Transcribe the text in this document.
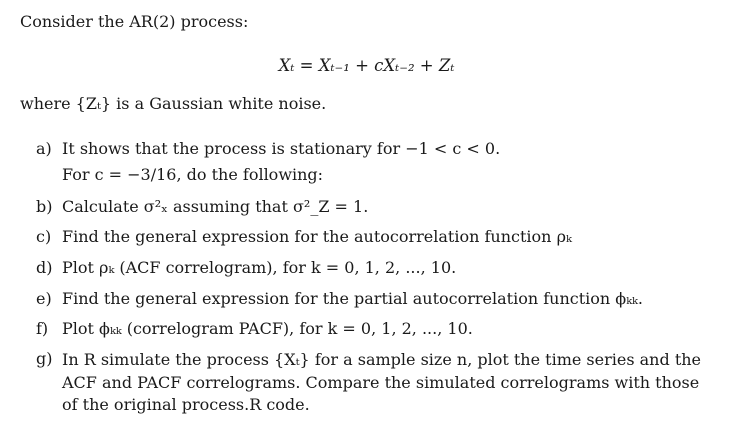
Consider the AR(2) process:
Xₜ = Xₜ₋₁ + cXₜ₋₂ + Zₜ
where {Zₜ} is a Gaussian white noise.
a) It shows that the process is stationary for −1 < c < 0.
For c = −3/16, do the following:
b) Calculate σ²ₓ assuming that σ²_Z = 1.
c) Find the general expression for the autocorrelation function ρₖ
d) Plot ρₖ (ACF correlogram), for k = 0, 1, 2, ..., 10.
e) Find the general expression for the partial autocorrelation function ϕₖₖ.
f) Plot ϕₖₖ (correlogram PACF), for k = 0, 1, 2, ..., 10.
g) In R simulate the process {Xₜ} for a sample size n, plot the time series and the ACF and PACF correlograms. Compare the simulated correlograms with those of the original process.R code.
